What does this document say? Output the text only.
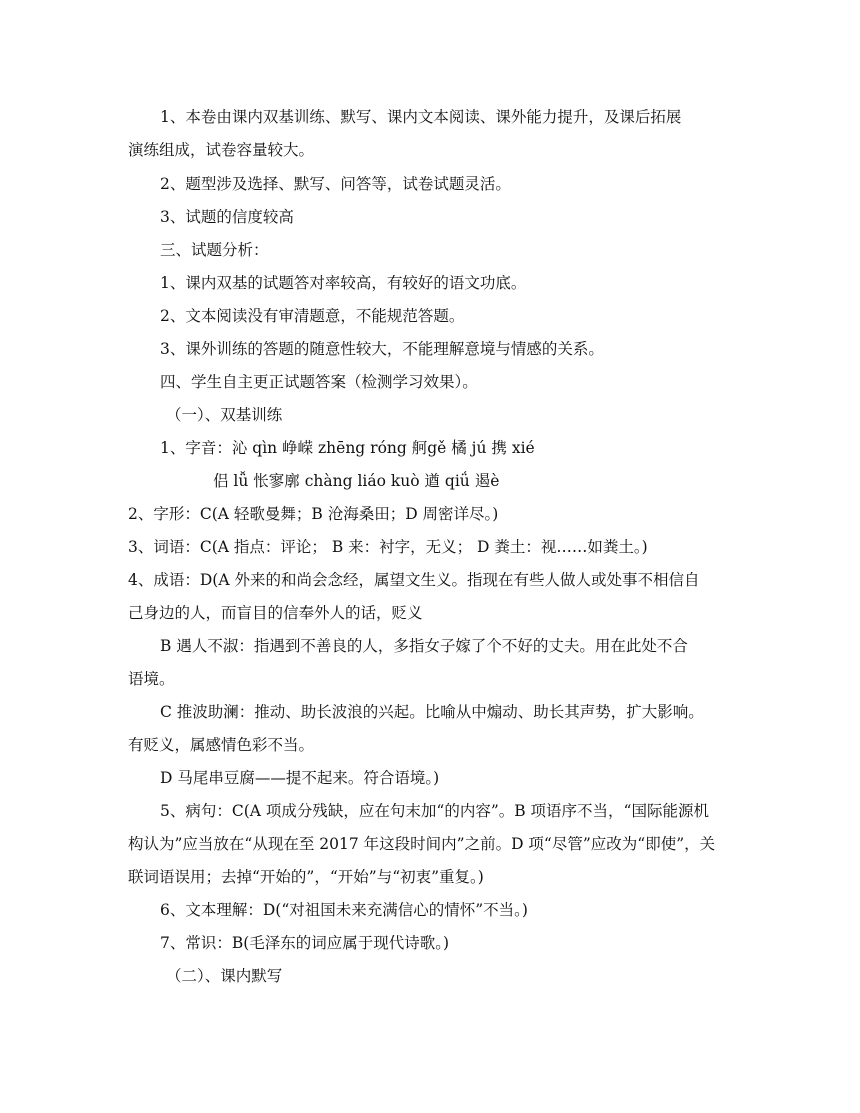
1、本卷由课内双基训练、默写、课内文本阅读、课外能力提升，及课后拓展
演练组成，试卷容量较大。
2、题型涉及选择、默写、问答等，试卷试题灵活。
3、试题的信度较高
三、试题分析：
1、课内双基的试题答对率较高，有较好的语文功底。
2、文本阅读没有审清题意，不能规范答题。
3、课外训练的答题的随意性较大，不能理解意境与情感的关系。
四、学生自主更正试题答案（检测学习效果）。
（一）、双基训练
1、字音：沁 qìn 峥嵘 zhēng róng 舸gě 橘 jú 携 xié
侣 lǚ 怅寥廓 chàng liáo kuò 遒 qiǘ 遏è
2、字形：C(A 轻歌曼舞；B 沧海桑田；D 周密详尽。)
3、词语：C(A 指点：评论； B 来：衬字，无义； D 粪土：视……如粪土。)
4、成语：D(A 外来的和尚会念经，属望文生义。指现在有些人做人或处事不相信自
己身边的人，而盲目的信奉外人的话，贬义
B 遇人不淑：指遇到不善良的人，多指女子嫁了个不好的丈夫。用在此处不合
语境。
C 推波助澜：推动、助长波浪的兴起。比喻从中煽动、助长其声势，扩大影响。
有贬义，属感情色彩不当。
D 马尾串豆腐——提不起来。符合语境。)
5、病句：C(A 项成分残缺，应在句末加“的内容”。B 项语序不当，“国际能源机
构认为”应当放在“从现在至 2017 年这段时间内”之前。D 项“尽管”应改为“即使”，关
联词语误用；去掉“开始的”，“开始”与“初衷”重复。)
6、文本理解：D(“对祖国未来充满信心的情怀”不当。)
7、常识：B(毛泽东的词应属于现代诗歌。)
（二）、课内默写
